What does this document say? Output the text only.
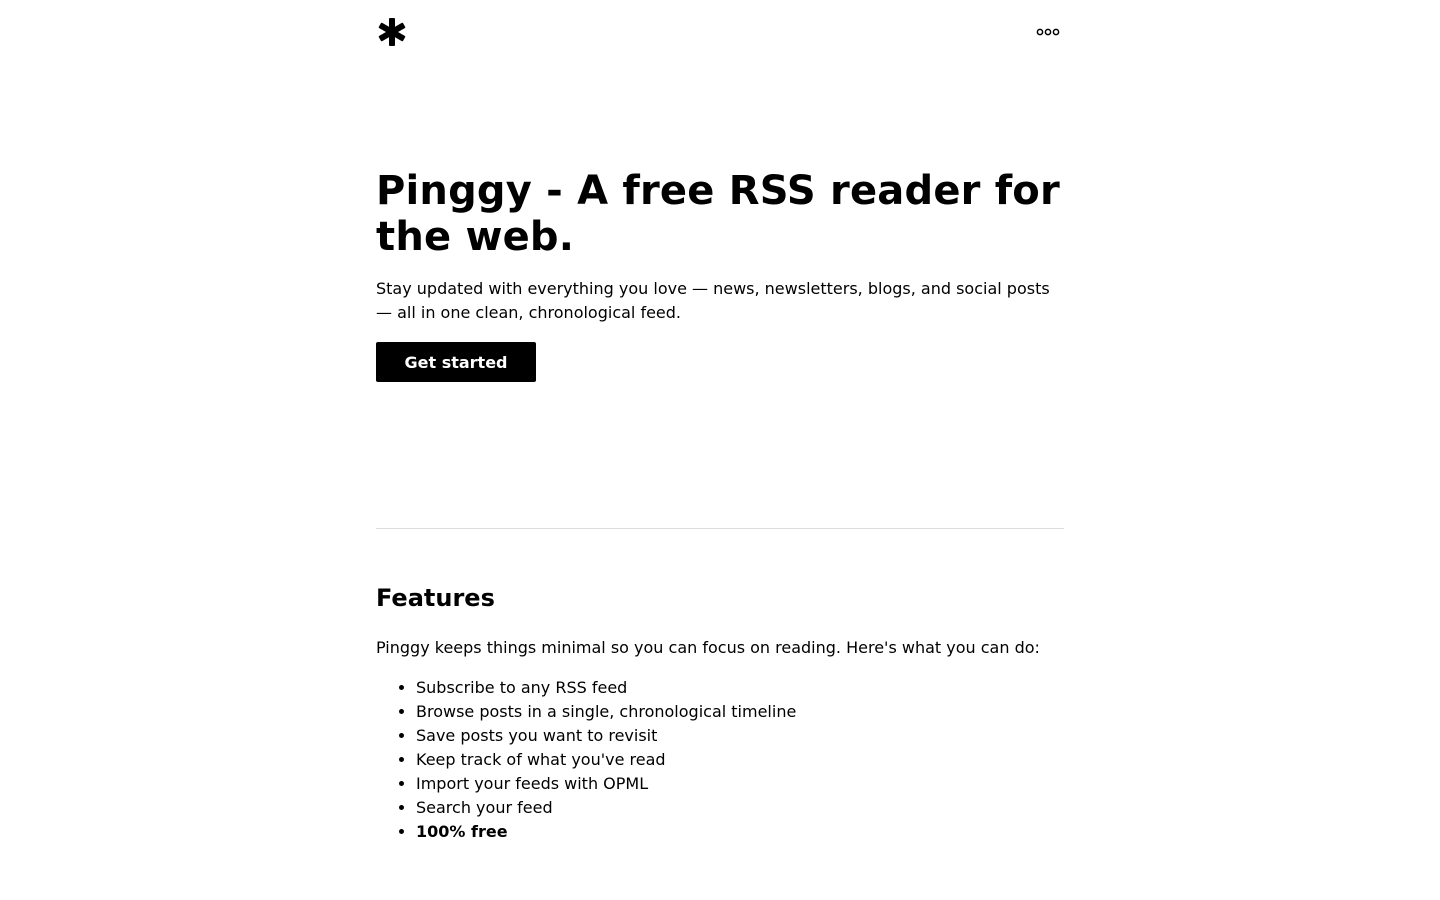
Pinggy - A free RSS reader for the web.

Stay updated with everything you love — news, newsletters, blogs, and social posts — all in one clean, chronological feed.

Get started
Features

Pinggy keeps things minimal so you can focus on reading. Here's what you can do:

• Subscribe to any RSS feed
• Browse posts in a single, chronological timeline
• Save posts you want to revisit
• Keep track of what you've read
• Import your feeds with OPML
• Search your feed
• 100% free
